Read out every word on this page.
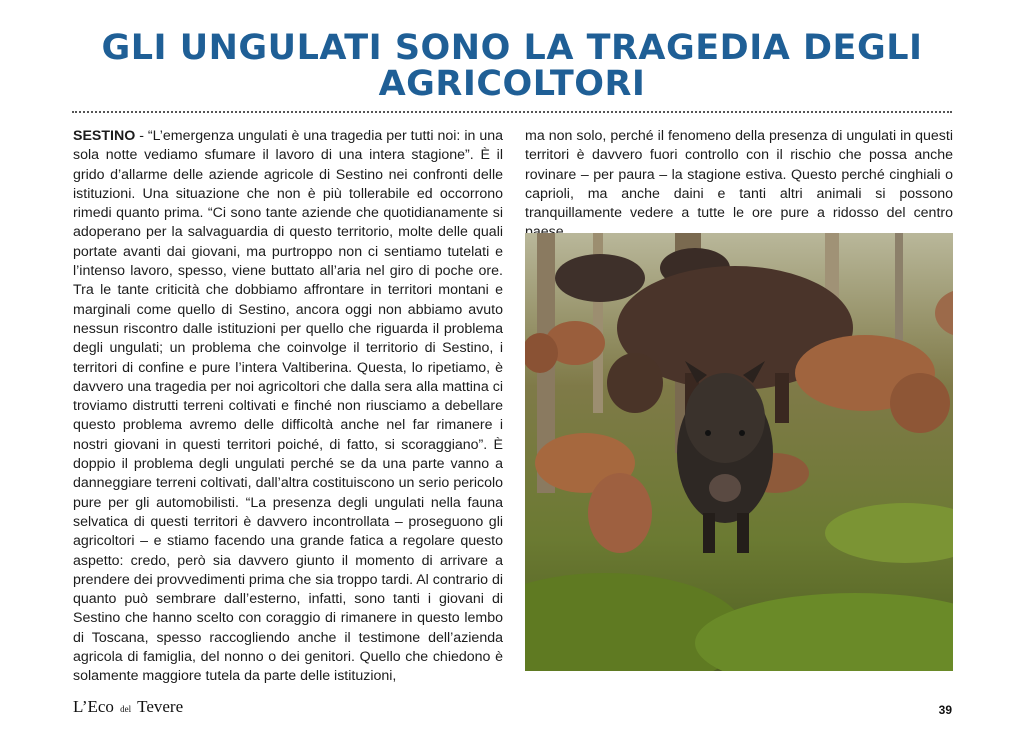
GLI UNGULATI SONO LA TRAGEDIA DEGLI AGRICOLTORI

SESTINO - “L’emergenza ungulati è una tragedia per tutti noi: in una sola notte vediamo sfumare il lavoro di una intera stagione”. È il grido d’allarme delle aziende agricole di Sestino nei confronti delle istituzioni. Una situazione che non è più tollerabile ed occorrono rimedi quanto prima. “Ci sono tante aziende che quotidianamente si adoperano per la salvaguardia di questo territorio, molte delle quali portate avanti dai giovani, ma purtroppo non ci sentiamo tutelati e l’intenso lavoro, spesso, viene buttato all’aria nel giro di poche ore. Tra le tante criticità che dobbiamo affrontare in territori montani e marginali come quello di Sestino, ancora oggi non abbiamo avuto nessun riscontro dalle istituzioni per quello che riguarda il problema degli ungulati; un problema che coinvolge il territorio di Sestino, i territori di confine e pure l’intera Valtiberina. Questa, lo ripetiamo, è davvero una tragedia per noi agricoltori che dalla sera alla mattina ci troviamo distrutti terreni coltivati e finché non riusciamo a debellare questo problema avremo delle difficoltà anche nel far rimanere i nostri giovani in questi territori poiché, di fatto, si scoraggiano”. È doppio il problema degli ungulati perché se da una parte vanno a danneggiare terreni coltivati, dall’altra costituiscono un serio pericolo pure per gli automobilisti. “La presenza degli ungulati nella fauna selvatica di questi territori è davvero incontrollata – proseguono gli agricoltori – e stiamo facendo una grande fatica a regolare questo aspetto: credo, però sia davvero giunto il momento di arrivare a prendere dei provvedimenti prima che sia troppo tardi. Al contrario di quanto può sembrare dall’esterno, infatti, sono tanti i giovani di Sestino che hanno scelto con coraggio di rimanere in questo lembo di Toscana, spesso raccogliendo anche il testimone dell’azienda agricola di famiglia, del nonno o dei genitori. Quello che chiedono è solamente maggiore tutela da parte delle istituzioni,

ma non solo, perché il fenomeno della presenza di ungulati in questi territori è davvero fuori controllo con il rischio che possa anche rovinare – per paura – la stagione estiva. Questo perché cinghiali o caprioli, ma anche daini e tanti altri animali si possono tranquillamente vedere a tutte le ore pure a ridosso del centro

L’Eco del Tevere	39
